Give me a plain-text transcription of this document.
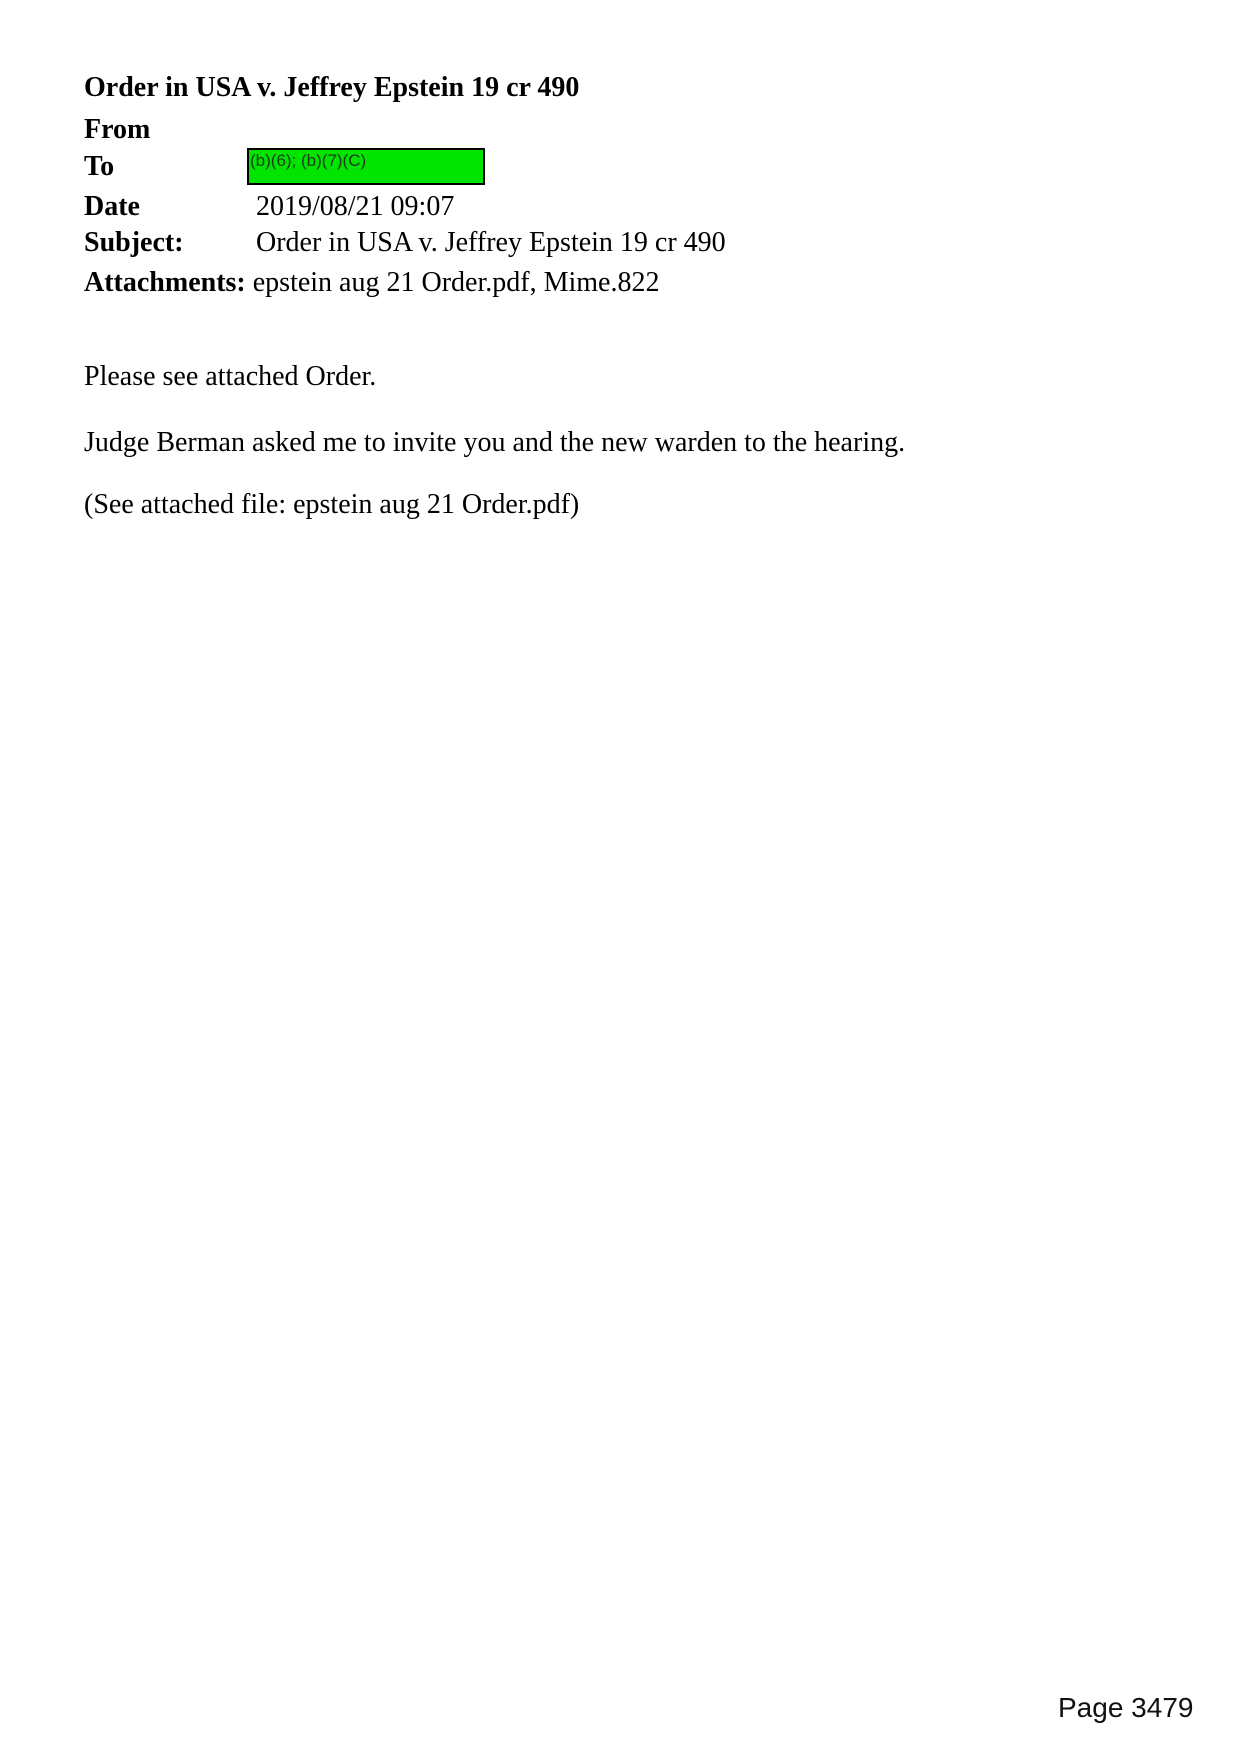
Order in USA v. Jeffrey Epstein 19 cr 490
From
To	(b)(6); (b)(7)(C)
Date	2019/08/21 09:07
Subject:	Order in USA v. Jeffrey Epstein 19 cr 490
Attachments: epstein aug 21 Order.pdf, Mime.822

Please see attached Order.

Judge Berman asked me to invite you and the new warden to the hearing.

(See attached file: epstein aug 21 Order.pdf)

Page 3479
